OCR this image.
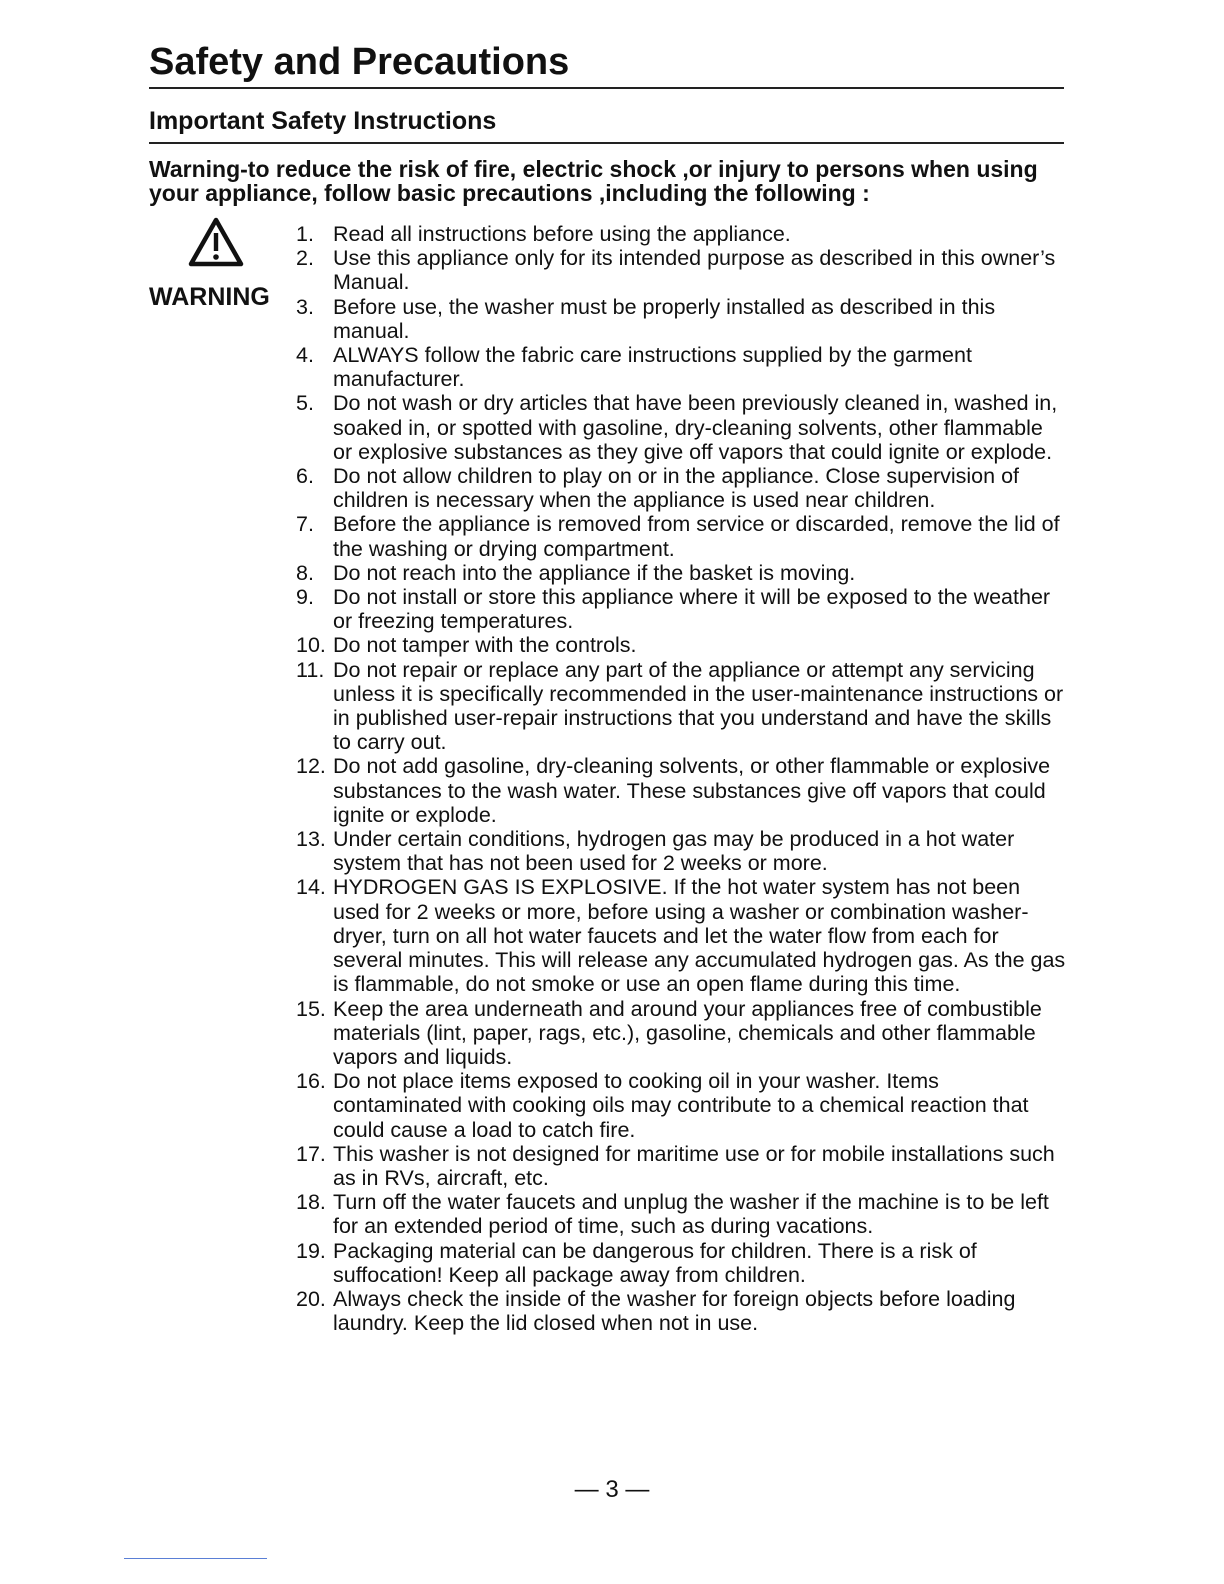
Safety and Precautions
Important Safety Instructions

Warning-to reduce the risk of fire, electric shock ,or injury to persons when using your appliance, follow basic precautions ,including the following :

WARNING
1. Read all instructions before using the appliance.
2. Use this appliance only for its intended purpose as described in this owner’s Manual.
3. Before use, the washer must be properly installed as described in this manual.
4. ALWAYS follow the fabric care instructions supplied by the garment manufacturer.
5. Do not wash or dry articles that have been previously cleaned in, washed in, soaked in, or spotted with gasoline, dry-cleaning solvents, other flammable or explosive substances as they give off vapors that could ignite or explode.
6. Do not allow children to play on or in the appliance. Close supervision of children is necessary when the appliance is used near children.
7. Before the appliance is removed from service or discarded, remove the lid of the washing or drying compartment.
8. Do not reach into the appliance if the basket is moving.
9. Do not install or store this appliance where it will be exposed to the weather or freezing temperatures.
10. Do not tamper with the controls.
11. Do not repair or replace any part of the appliance or attempt any servicing unless it is specifically recommended in the user-maintenance instructions or in published user-repair instructions that you understand and have the skills to carry out.
12. Do not add gasoline, dry-cleaning solvents, or other flammable or explosive substances to the wash water. These substances give off vapors that could ignite or explode.
13. Under certain conditions, hydrogen gas may be produced in a hot water system that has not been used for 2 weeks or more.
14. HYDROGEN GAS IS EXPLOSIVE. If the hot water system has not been used for 2 weeks or more, before using a washer or combination washer-dryer, turn on all hot water faucets and let the water flow from each for several minutes. This will release any accumulated hydrogen gas. As the gas is flammable, do not smoke or use an open flame during this time.
15. Keep the area underneath and around your appliances free of combustible materials (lint, paper, rags, etc.), gasoline, chemicals and other flammable vapors and liquids.
16. Do not place items exposed to cooking oil in your washer. Items contaminated with cooking oils may contribute to a chemical reaction that could cause a load to catch fire.
17. This washer is not designed for maritime use or for mobile installations such as in RVs, aircraft, etc.
18. Turn off the water faucets and unplug the washer if the machine is to be left for an extended period of time, such as during vacations.
19. Packaging material can be dangerous for children. There is a risk of suffocation! Keep all package away from children.
20. Always check the inside of the washer for foreign objects before loading laundry. Keep the lid closed when not in use.
— 3 —
